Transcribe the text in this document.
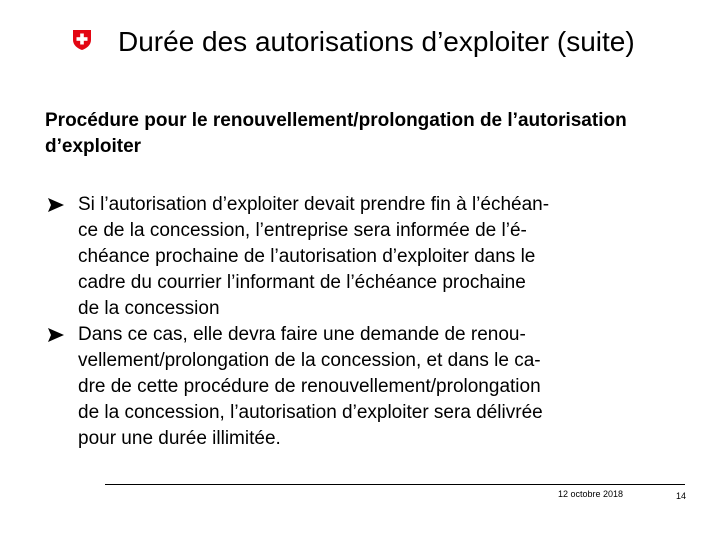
Durée des autorisations d’exploiter (suite)

Procédure pour le renouvellement/prolongation de l’autorisation d’exploiter

Si l’autorisation d’exploiter devait prendre fin à l’échéan-
ce de la concession, l’entreprise sera informée de l’é-
chéance prochaine de l’autorisation d’exploiter dans le
cadre du courrier l’informant de l’échéance prochaine
de la concession
Dans ce cas, elle devra faire une demande de renou-
vellement/prolongation de la concession, et dans le ca-
dre de cette procédure de renouvellement/prolongation
de la concession, l’autorisation d’exploiter sera délivrée
pour une durée illimitée.
12 octobre 2018	14
